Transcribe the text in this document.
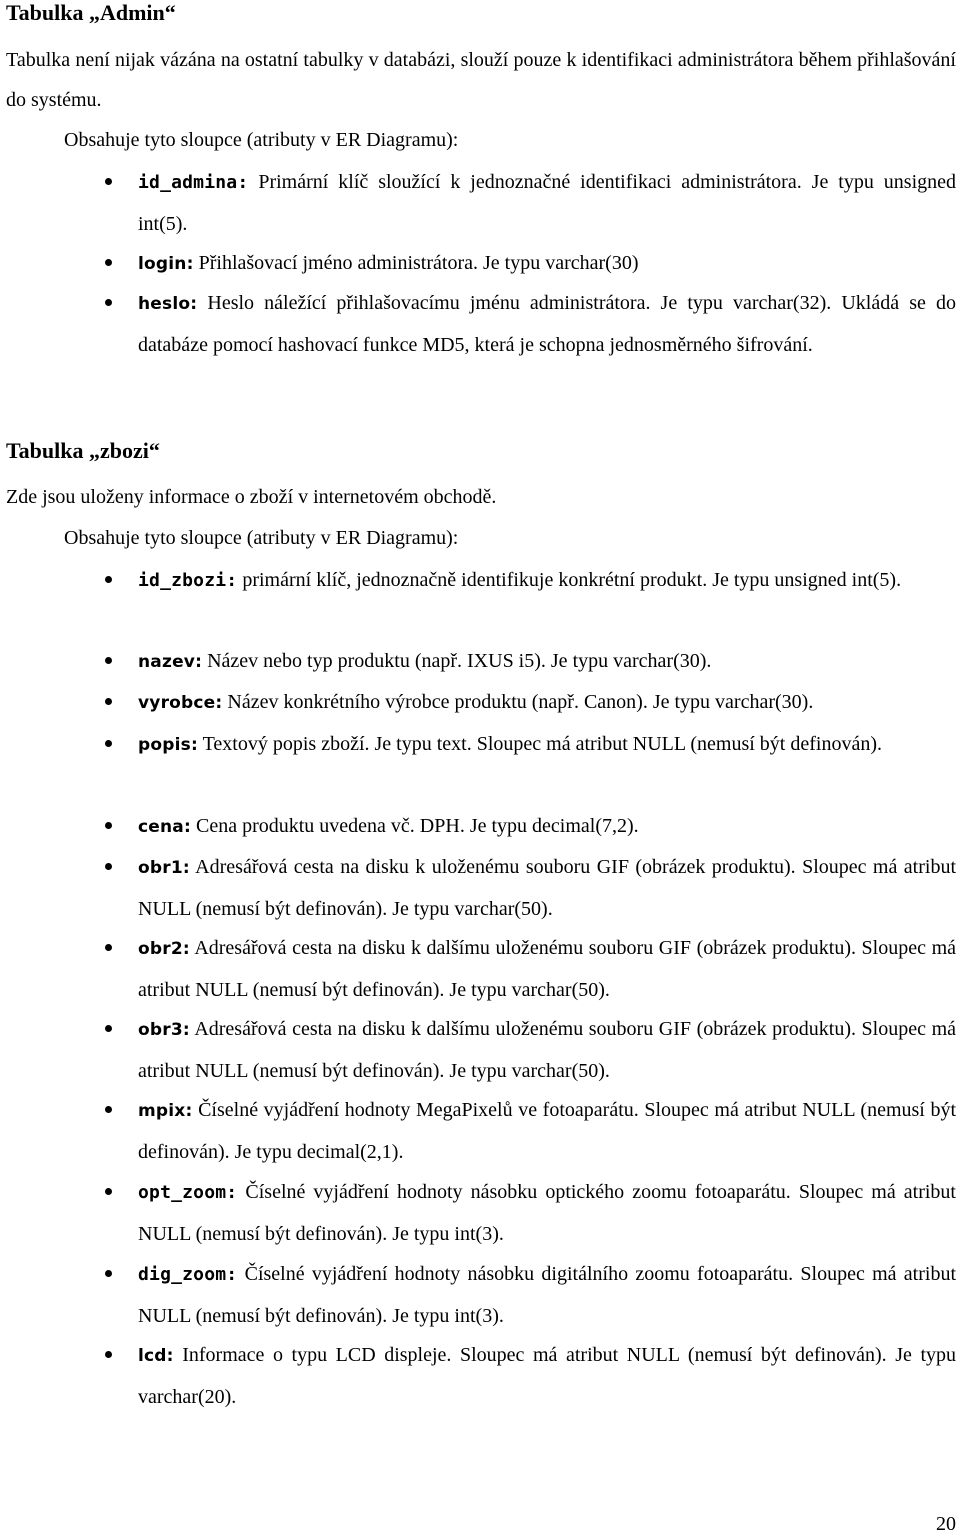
Tabulka „Admin“
Tabulka není nijak vázána na ostatní tabulky v databázi, slouží pouze k identifikaci administrátora během přihlašování do systému.
Obsahuje tyto sloupce (atributy v ER Diagramu):
id_admina: Primární klíč sloužící k jednoznačné identifikaci administrátora. Je typu unsigned int(5).
login: Přihlašovací jméno administrátora. Je typu varchar(30)
heslo: Heslo náležící přihlašovacímu jménu administrátora. Je typu varchar(32). Ukládá se do databáze pomocí hashovací funkce MD5, která je schopna jednosměrného šifrování.
Tabulka „zbozi“
Zde jsou uloženy informace o zboží v internetovém obchodě.
Obsahuje tyto sloupce (atributy v ER Diagramu):
id_zbozi: primární klíč, jednoznačně identifikuje konkrétní produkt. Je typu unsigned int(5).
nazev: Název nebo typ produktu (např. IXUS i5). Je typu varchar(30).
vyrobce: Název konkrétního výrobce produktu (např. Canon). Je typu varchar(30).
popis: Textový popis zboží. Je typu text. Sloupec má atribut NULL (nemusí být definován).
cena: Cena produktu uvedena vč. DPH. Je typu decimal(7,2).
obr1: Adresářová cesta na disku k uloženému souboru GIF (obrázek produktu). Sloupec má atribut NULL (nemusí být definován). Je typu varchar(50).
obr2: Adresářová cesta na disku k dalšímu uloženému souboru GIF (obrázek produktu). Sloupec má atribut NULL (nemusí být definován). Je typu varchar(50).
obr3: Adresářová cesta na disku k dalšímu uloženému souboru GIF (obrázek produktu). Sloupec má atribut NULL (nemusí být definován). Je typu varchar(50).
mpix: Číselné vyjádření hodnoty MegaPixelů ve fotoaparátu. Sloupec má atribut NULL (nemusí být definován). Je typu decimal(2,1).
opt_zoom: Číselné vyjádření hodnoty násobku optického zoomu fotoaparátu. Sloupec má atribut NULL (nemusí být definován). Je typu int(3).
dig_zoom: Číselné vyjádření hodnoty násobku digitálního zoomu fotoaparátu. Sloupec má atribut NULL (nemusí být definován). Je typu int(3).
lcd: Informace o typu LCD displeje. Sloupec má atribut NULL (nemusí být definován). Je typu varchar(20).
20
